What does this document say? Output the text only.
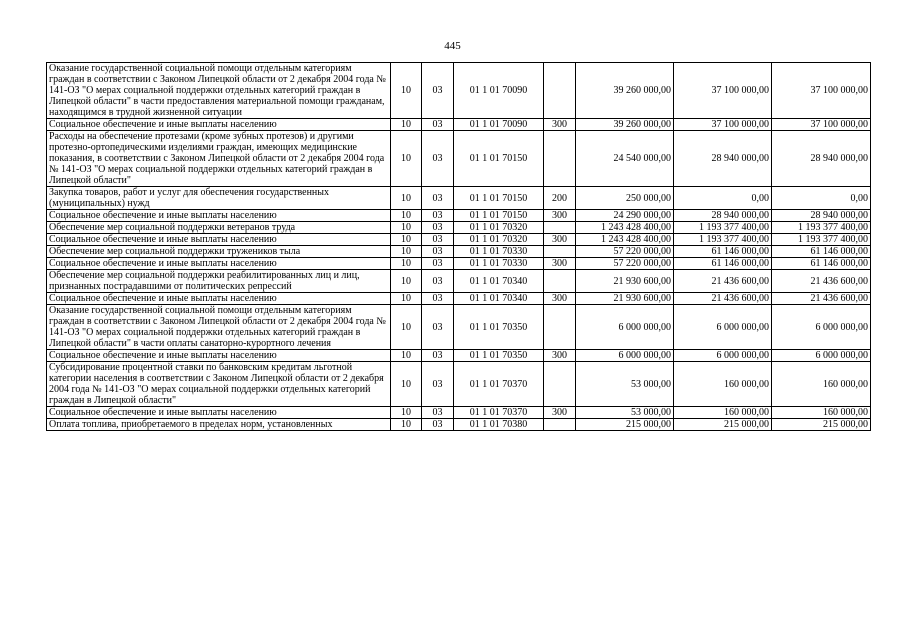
445
Оказание государственной социальной помощи отдельным категориям граждан в соответствии с Законом Липецкой области от 2 декабря 2004 года № 141-ОЗ "О мерах социальной поддержки отдельных категорий граждан в Липецкой области" в части предоставления материальной помощи гражданам, находящимся в трудной жизненной ситуации	10	03	01 1 01 70090		39 260 000,00	37 100 000,00	37 100 000,00
Социальное обеспечение и иные выплаты населению	10	03	01 1 01 70090	300	39 260 000,00	37 100 000,00	37 100 000,00
Расходы на обеспечение протезами (кроме зубных протезов) и другими протезно-ортопедическими изделиями граждан, имеющих медицинские показания, в соответствии с Законом Липецкой области от 2 декабря 2004 года № 141-ОЗ "О мерах социальной поддержки отдельных категорий граждан в Липецкой области"	10	03	01 1 01 70150		24 540 000,00	28 940 000,00	28 940 000,00
Закупка товаров, работ и услуг для обеспечения государственных (муниципальных) нужд	10	03	01 1 01 70150	200	250 000,00	0,00	0,00
Социальное обеспечение и иные выплаты населению	10	03	01 1 01 70150	300	24 290 000,00	28 940 000,00	28 940 000,00
Обеспечение мер социальной поддержки ветеранов труда	10	03	01 1 01 70320		1 243 428 400,00	1 193 377 400,00	1 193 377 400,00
Социальное обеспечение и иные выплаты населению	10	03	01 1 01 70320	300	1 243 428 400,00	1 193 377 400,00	1 193 377 400,00
Обеспечение мер социальной поддержки тружеников тыла	10	03	01 1 01 70330		57 220 000,00	61 146 000,00	61 146 000,00
Социальное обеспечение и иные выплаты населению	10	03	01 1 01 70330	300	57 220 000,00	61 146 000,00	61 146 000,00
Обеспечение мер социальной поддержки реабилитированных лиц и лиц, признанных пострадавшими от политических репрессий	10	03	01 1 01 70340		21 930 600,00	21 436 600,00	21 436 600,00
Социальное обеспечение и иные выплаты населению	10	03	01 1 01 70340	300	21 930 600,00	21 436 600,00	21 436 600,00
Оказание государственной социальной помощи отдельным категориям граждан в соответствии с Законом Липецкой области от 2 декабря 2004 года № 141-ОЗ "О мерах социальной поддержки отдельных категорий граждан в Липецкой области" в части оплаты санаторно-курортного лечения	10	03	01 1 01 70350		6 000 000,00	6 000 000,00	6 000 000,00
Социальное обеспечение и иные выплаты населению	10	03	01 1 01 70350	300	6 000 000,00	6 000 000,00	6 000 000,00
Субсидирование процентной ставки по банковским кредитам льготной категории населения в соответствии с Законом Липецкой области от 2 декабря 2004 года № 141-ОЗ "О мерах социальной поддержки отдельных категорий граждан в Липецкой области"	10	03	01 1 01 70370		53 000,00	160 000,00	160 000,00
Социальное обеспечение и иные выплаты населению	10	03	01 1 01 70370	300	53 000,00	160 000,00	160 000,00
Оплата топлива, приобретаемого в пределах норм, установленных	10	03	01 1 01 70380		215 000,00	215 000,00	215 000,00
